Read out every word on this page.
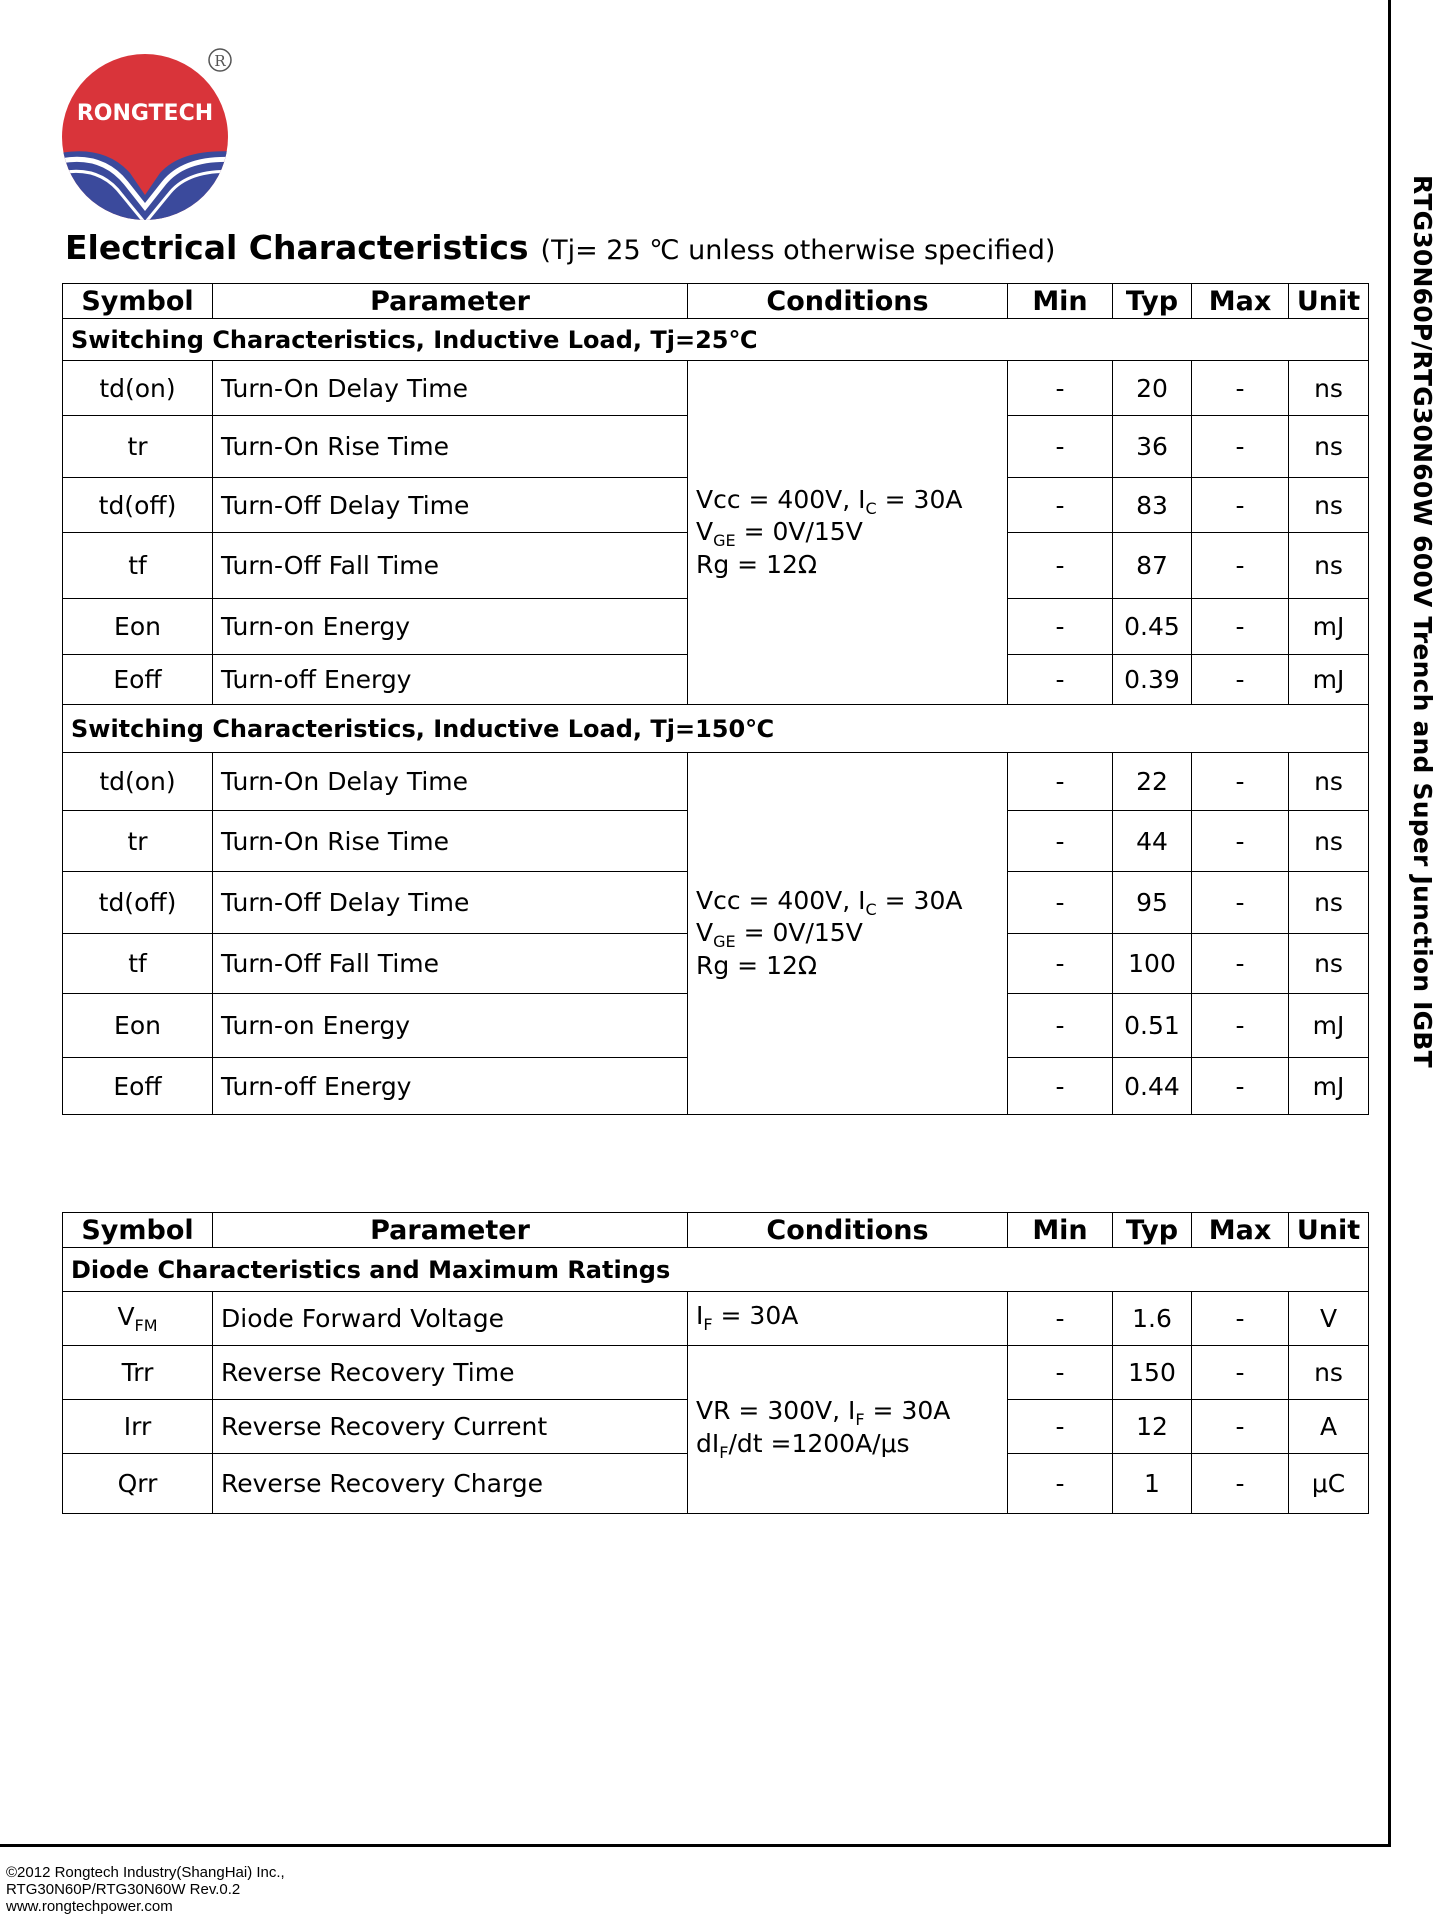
RONGTECH
R
RTG30N60P/RTG30N60W 600V Trench and Super Junction IGBT
Electrical Characteristics (Tj= 25 ℃ unless otherwise specified)
Symbol	Parameter	Conditions	Min	Typ	Max	Unit
Switching Characteristics, Inductive Load, Tj=25℃						
td(on)	Turn-On Delay Time	Vcc = 400V, $I_C = 30A$
$V_{GE} = 0V/15V$
Rg = 12Ω	-	20	-	ns
tr	Turn-On Rise Time		-	36	-	ns
td(off)	Turn-Off Delay Time		-	83	-	ns
tf	Turn-Off Fall Time		-	87	-	ns
Eon	Turn-on Energy		-	0.45	-	mJ
Eoff	Turn-off Energy		-	0.39	-	mJ
Switching Characteristics, Inductive Load, Tj=150℃						
td(on)	Turn-On Delay Time	Vcc = 400V, $I_C = 30A$
$V_{GE} = 0V/15V$
Rg = 12Ω	-	22	-	ns
tr	Turn-On Rise Time		-	44	-	ns
td(off)	Turn-Off Delay Time		-	95	-	ns
tf	Turn-Off Fall Time		-	100	-	ns
Eon	Turn-on Energy		-	0.51	-	mJ
Eoff	Turn-off Energy		-	0.44	-	mJ
Symbol	Parameter	Conditions	Min	Typ	Max	Unit
Diode Characteristics and Maximum Ratings						
$V_{FM}$	Diode Forward Voltage	$I_F = 30A$	-	1.6	-	V
Trr	Reverse Recovery Time	VR = 300V, $I_F = 30A$
$dI_F/dt =1200A/\mu s$	-	150	-	ns
Irr	Reverse Recovery Current		-	12	-	A
Qrr	Reverse Recovery Charge		-	1	-	μC
©2012 Rongtech Industry(ShangHai) Inc.,
RTG30N60P/RTG30N60W Rev.0.2
www.rongtechpower.com
